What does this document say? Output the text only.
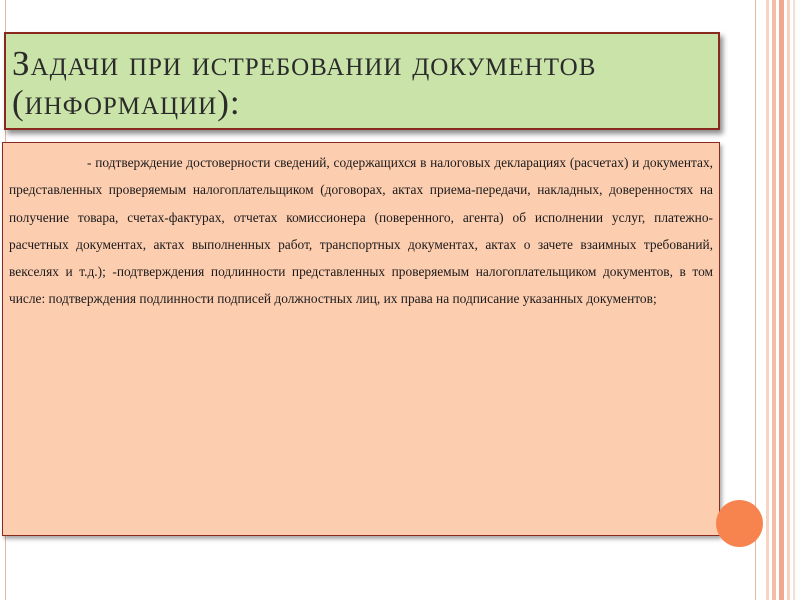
Задачи при истребовании документов (информации):

- подтверждение достоверности сведений, содержащихся в налоговых декларациях (расчетах) и документах, представленных проверяемым налогоплательщиком (договорах, актах приема-передачи, накладных, доверенностях на получение товара, счетах-фактурах, отчетах комиссионера (поверенного, агента) об исполнении услуг, платежно-расчетных документах, актах выполненных работ, транспортных документах, актах о зачете взаимных требований, векселях и т.д.); -подтверждения подлинности представленных проверяемым налогоплательщиком документов, в том числе: подтверждения подлинности подписей должностных лиц, их права на подписание указанных документов;
